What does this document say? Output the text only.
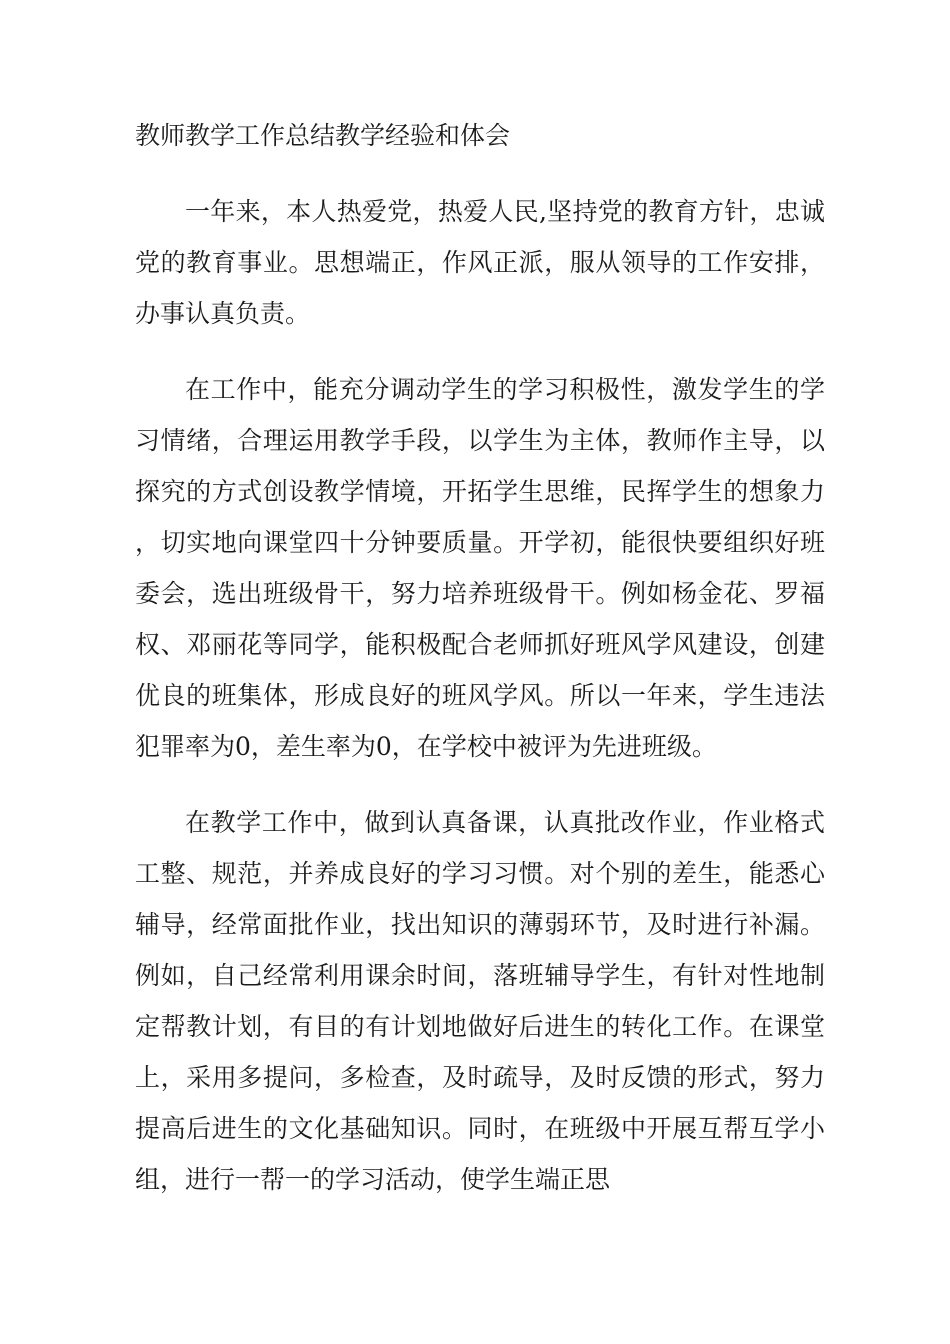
教师教学工作总结教学经验和体会

一年来，本人热爱党，热爱人民,坚持党的教育方针，忠诚党的教育事业。思想端正，作风正派，服从领导的工作安排，办事认真负责。

在工作中，能充分调动学生的学习积极性，激发学生的学习情绪，合理运用教学手段，以学生为主体，教师作主导，以探究的方式创设教学情境，开拓学生思维，民挥学生的想象力，切实地向课堂四十分钟要质量。开学初，能很快要组织好班委会，选出班级骨干，努力培养班级骨干。例如杨金花、罗福权、邓丽花等同学，能积极配合老师抓好班风学风建设，创建优良的班集体，形成良好的班风学风。所以一年来，学生违法犯罪率为0，差生率为0，在学校中被评为先进班级。

在教学工作中，做到认真备课，认真批改作业，作业格式工整、规范，并养成良好的学习习惯。对个别的差生，能悉心辅导，经常面批作业，找出知识的薄弱环节，及时进行补漏。例如，自己经常利用课余时间，落班辅导学生，有针对性地制定帮教计划，有目的有计划地做好后进生的转化工作。在课堂上，采用多提问，多检查，及时疏导，及时反馈的形式，努力提高后进生的文化基础知识。同时，在班级中开展互帮互学小组，进行一帮一的学习活动，使学生端正思
